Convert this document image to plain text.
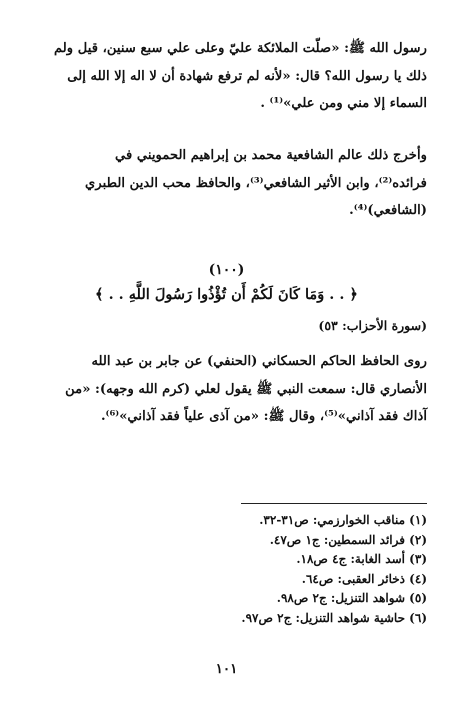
رسول الله ﷺ: «صلّت الملائكة عليّ وعلى علي سبع سنين، قيل ولم
ذلك يا رسول الله؟ قال: «لأنه لم ترفع شهادة أن لا اله إلا الله إلى
السماء إلا مني ومن علي»⁽¹⁾ .
وأخرج ذلك عالم الشافعية محمد بن إبراهيم الحمويني في
فرائده⁽²⁾، وابن الأثير الشافعي⁽³⁾، والحافظ محب الدين الطبري
(الشافعي)⁽⁴⁾.
(١٠٠)
﴿ . . وَمَا كَانَ لَكُمْ أَن تُؤْذُوا رَسُولَ اللَّهِ . . ﴾
(سورة الأحزاب: ٥٣)
روى الحافظ الحاكم الحسكاني (الحنفي) عن جابر بن عبد الله
الأنصاري قال: سمعت النبي ﷺ يقول لعلي (كرم الله وجهه): «من
آذاك فقد آذاني»⁽⁵⁾، وقال ﷺ: «من آذى علياً فقد آذاني»⁽⁶⁾.
(١) مناقب الخوارزمي: ص٣١-٣٢.
(٢) فرائد السمطين: ج١ ص٤٧.
(٣) أسد الغابة: ج٤ ص١٨.
(٤) ذخائر العقبى: ص٦٤.
(٥) شواهد التنزيل: ج٢ ص٩٨.
(٦) حاشية شواهد التنزيل: ج٢ ص٩٧.
١٠١
